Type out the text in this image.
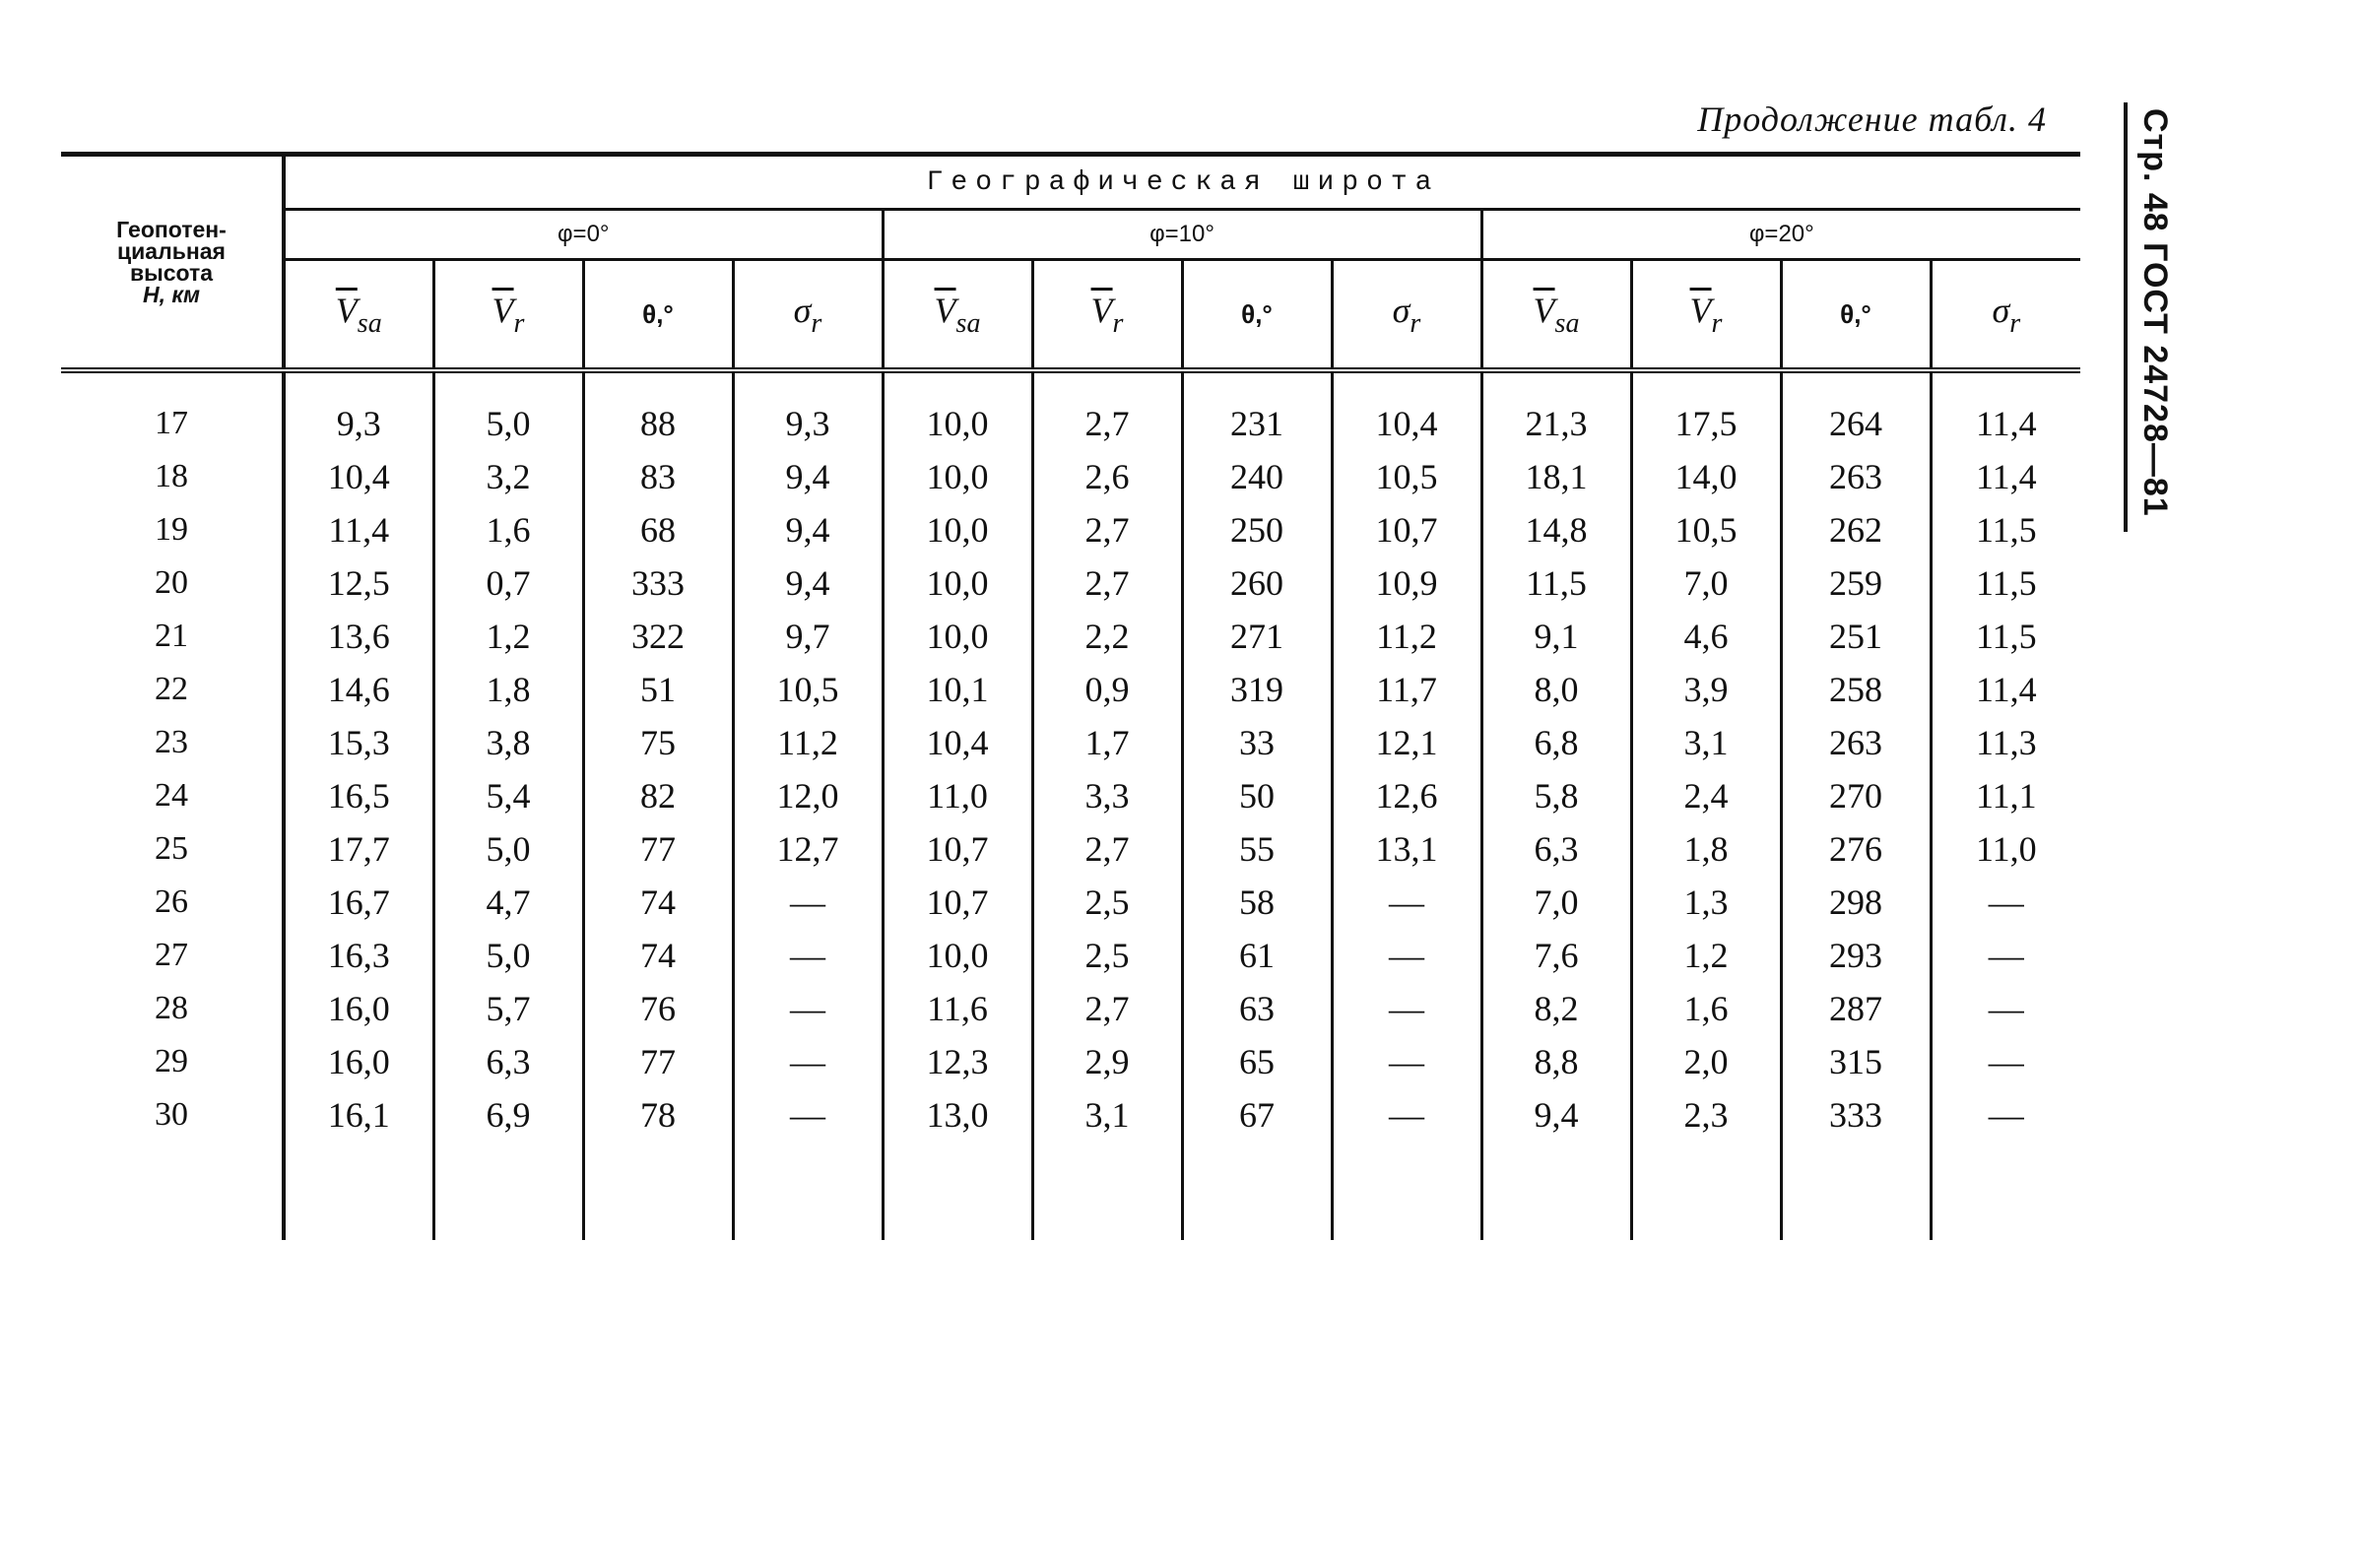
Продолжение табл. 4	Стр. 48 ГОСТ 24728—81
Геопотен-
циальная
высота
H, км	Географическая широта											
	φ=0°				φ=10°				φ=20°			
	$\overline{V}_{sa}$	$\overline{V}_r$	θ,°	$\sigma_r$	$\overline{V}_{sa}$	$\overline{V}_r$	θ,°	$\sigma_r$	$\overline{V}_{sa}$	$\overline{V}_r$	θ,°	$\sigma_r$
17	9,3	5,0	88	9,3	10,0	2,7	231	10,4	21,3	17,5	264	11,4
18	10,4	3,2	83	9,4	10,0	2,6	240	10,5	18,1	14,0	263	11,4
19	11,4	1,6	68	9,4	10,0	2,7	250	10,7	14,8	10,5	262	11,5
20	12,5	0,7	333	9,4	10,0	2,7	260	10,9	11,5	7,0	259	11,5
21	13,6	1,2	322	9,7	10,0	2,2	271	11,2	9,1	4,6	251	11,5
22	14,6	1,8	51	10,5	10,1	0,9	319	11,7	8,0	3,9	258	11,4
23	15,3	3,8	75	11,2	10,4	1,7	33	12,1	6,8	3,1	263	11,3
24	16,5	5,4	82	12,0	11,0	3,3	50	12,6	5,8	2,4	270	11,1
25	17,7	5,0	77	12,7	10,7	2,7	55	13,1	6,3	1,8	276	11,0
26	16,7	4,7	74	—	10,7	2,5	58	—	7,0	1,3	298	—
27	16,3	5,0	74	—	10,0	2,5	61	—	7,6	1,2	293	—
28	16,0	5,7	76	—	11,6	2,7	63	—	8,2	1,6	287	—
29	16,0	6,3	77	—	12,3	2,9	65	—	8,8	2,0	315	—
30	16,1	6,9	78	—	13,0	3,1	67	—	9,4	2,3	333	—
